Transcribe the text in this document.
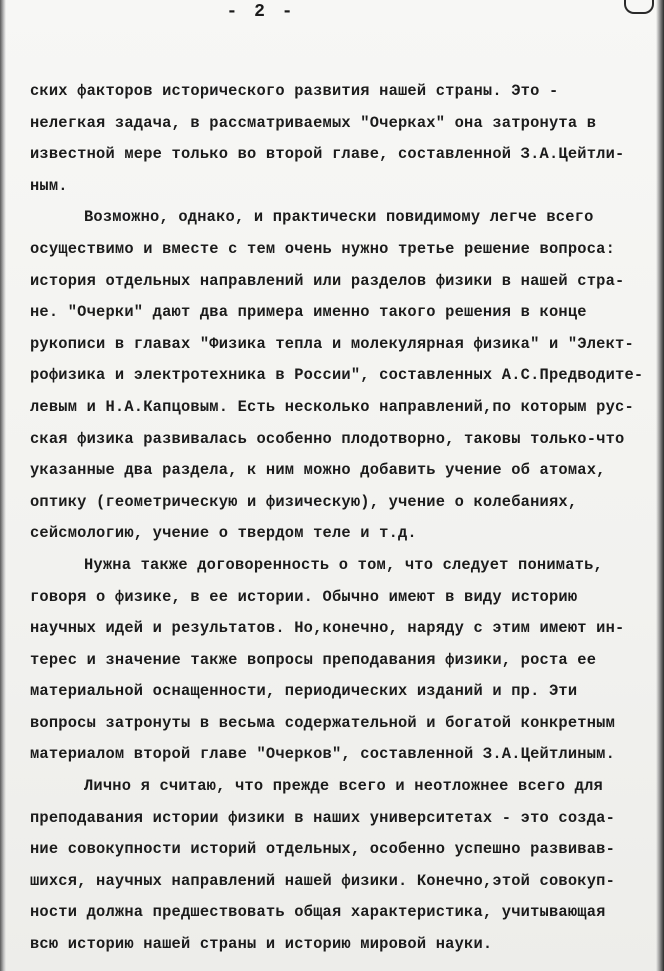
- 2 -
ских факторов исторического развития нашей страны. Это -
нелегкая задача, в рассматриваемых "Очерках" она затронута в
известной мере только во второй главе, составленной З.А.Цейтли-
ным.
Возможно, однако, и практически повидимому легче всего
осуществимо и вместе с тем очень нужно третье решение вопроса:
история отдельных направлений или разделов физики в нашей стра-
не. "Очерки" дают два примера именно такого решения в конце
рукописи в главах "Физика тепла и молекулярная физика" и "Элект-
рофизика и электротехника в России", составленных А.С.Предводите-
левым и Н.А.Капцовым. Есть несколько направлений,по которым рус-
ская физика развивалась особенно плодотворно, таковы только-что
указанные два раздела, к ним можно добавить учение об атомах,
оптику (геометрическую и физическую), учение о колебаниях,
сейсмологию, учение о твердом теле и т.д.
Нужна также договоренность о том, что следует понимать,
говоря о физике, в ее истории. Обычно имеют в виду историю
научных идей и результатов. Но,конечно, наряду с этим имеют ин-
терес и значение также вопросы преподавания физики, роста ее
материальной оснащенности, периодических изданий и пр. Эти
вопросы затронуты в весьма содержательной и богатой конкретным
материалом второй главе "Очерков", составленной З.А.Цейтлиным.
Лично я считаю, что прежде всего и неотложнее всего для
преподавания истории физики в наших университетах - это созда-
ние совокупности историй отдельных, особенно успешно развивав-
шихся, научных направлений нашей физики. Конечно,этой совокуп-
ности должна предшествовать общая характеристика, учитывающая
всю историю нашей страны и историю мировой науки.
